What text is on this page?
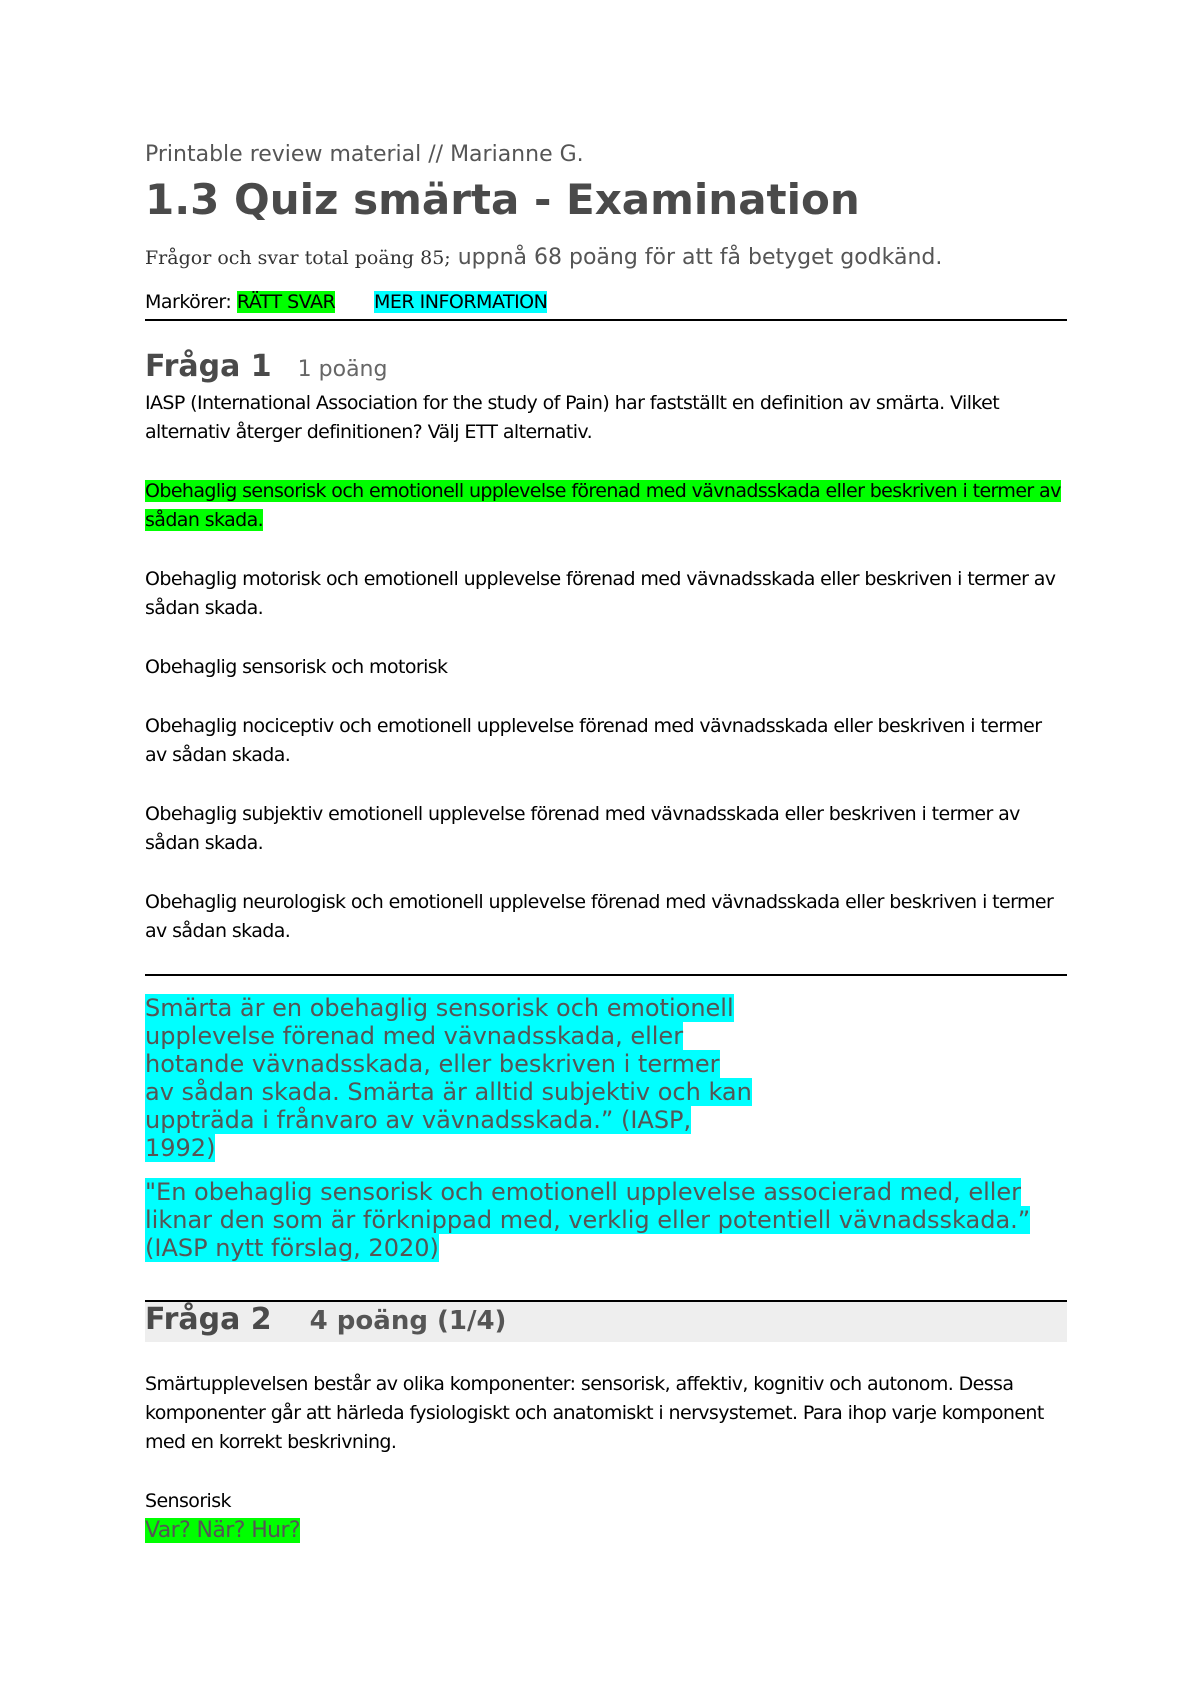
Printable review material // Marianne G.

1.3 Quiz smärta - Examination

Frågor och svar total poäng 85; uppnå 68 poäng för att få betyget godkänd.

Markörer: RÄTT SVAR MER INFORMATION

Fråga 1 1 poäng

IASP (International Association for the study of Pain) har fastställt en definition av smärta. Vilket alternativ återger definitionen? Välj ETT alternativ.

Obehaglig sensorisk och emotionell upplevelse förenad med vävnadsskada eller beskriven i termer av sådan skada.

Obehaglig motorisk och emotionell upplevelse förenad med vävnadsskada eller beskriven i termer av sådan skada.

Obehaglig sensorisk och motorisk

Obehaglig nociceptiv och emotionell upplevelse förenad med vävnadsskada eller beskriven i termer av sådan skada.

Obehaglig subjektiv emotionell upplevelse förenad med vävnadsskada eller beskriven i termer av sådan skada.

Obehaglig neurologisk och emotionell upplevelse förenad med vävnadsskada eller beskriven i termer av sådan skada.

Smärta är en obehaglig sensorisk och emotionell upplevelse förenad med vävnadsskada, eller hotande vävnadsskada, eller beskriven i termer av sådan skada. Smärta är alltid subjektiv och kan uppträda i frånvaro av vävnadsskada.” (IASP, 1992)

"En obehaglig sensorisk och emotionell upplevelse associerad med, eller liknar den som är förknippad med, verklig eller potentiell vävnadsskada.” (IASP nytt förslag, 2020)

Fråga 2 4 poäng (1/4)

Smärtupplevelsen består av olika komponenter: sensorisk, affektiv, kognitiv och autonom. Dessa komponenter går att härleda fysiologiskt och anatomiskt i nervsystemet. Para ihop varje komponent med en korrekt beskrivning.

Sensorisk

Var? När? Hur?
